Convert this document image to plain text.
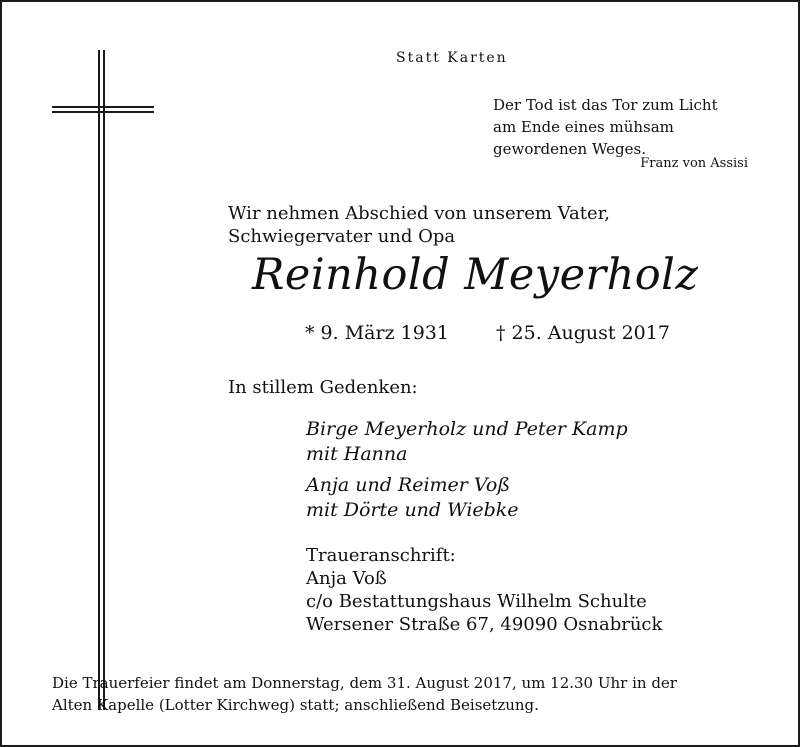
Statt Karten
Der Tod ist das Tor zum Licht
am Ende eines mühsam
gewordenen Weges.
Franz von Assisi
Wir nehmen Abschied von unserem Vater,
Schwiegervater und Opa
Reinhold Meyerholz
* 9. März 1931 † 25. August 2017
In stillem Gedenken:
Birge Meyerholz und Peter Kamp
mit Hanna
Anja und Reimer Voß
mit Dörte und Wiebke
Traueranschrift:
Anja Voß
c/o Bestattungshaus Wilhelm Schulte
Wersener Straße 67, 49090 Osnabrück
Die Trauerfeier findet am Donnerstag, dem 31. August 2017, um 12.30 Uhr in der
Alten Kapelle (Lotter Kirchweg) statt; anschließend Beisetzung.
